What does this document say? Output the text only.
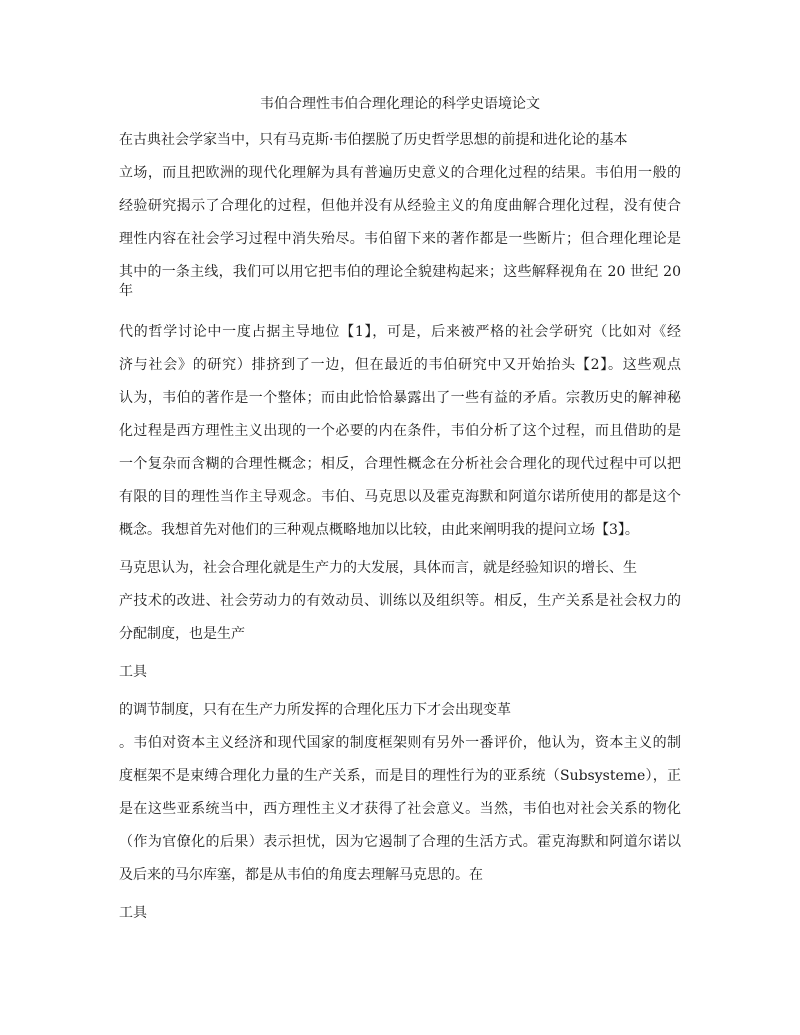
韦伯合理性韦伯合理化理论的科学史语境论文
在古典社会学家当中，只有马克斯·韦伯摆脱了历史哲学思想的前提和进化论的基本
立场，而且把欧洲的现代化理解为具有普遍历史意义的合理化过程的结果。韦伯用一般的
经验研究揭示了合理化的过程，但他并没有从经验主义的角度曲解合理化过程，没有使合
理性内容在社会学习过程中消失殆尽。韦伯留下来的著作都是一些断片；但合理化理论是
其中的一条主线，我们可以用它把韦伯的理论全貌建构起来；这些解释视角在 20 世纪 20
年
代的哲学讨论中一度占据主导地位【1】，可是，后来被严格的社会学研究（比如对《经
济与社会》的研究）排挤到了一边，但在最近的韦伯研究中又开始抬头【2】。这些观点
认为，韦伯的著作是一个整体；而由此恰恰暴露出了一些有益的矛盾。宗教历史的解神秘
化过程是西方理性主义出现的一个必要的内在条件，韦伯分析了这个过程，而且借助的是
一个复杂而含糊的合理性概念；相反，合理性概念在分析社会合理化的现代过程中可以把
有限的目的理性当作主导观念。韦伯、马克思以及霍克海默和阿道尔诺所使用的都是这个
概念。我想首先对他们的三种观点概略地加以比较，由此来阐明我的提问立场【3】。
马克思认为，社会合理化就是生产力的大发展，具体而言，就是经验知识的增长、生
产技术的改进、社会劳动力的有效动员、训练以及组织等。相反，生产关系是社会权力的
分配制度，也是生产
工具
的调节制度，只有在生产力所发挥的合理化压力下才会出现变革
。韦伯对资本主义经济和现代国家的制度框架则有另外一番评价，他认为，资本主义的制
度框架不是束缚合理化力量的生产关系，而是目的理性行为的亚系统（Subsysteme），正
是在这些亚系统当中，西方理性主义才获得了社会意义。当然，韦伯也对社会关系的物化
（作为官僚化的后果）表示担忧，因为它遏制了合理的生活方式。霍克海默和阿道尔诺以
及后来的马尔库塞，都是从韦伯的角度去理解马克思的。在
工具
